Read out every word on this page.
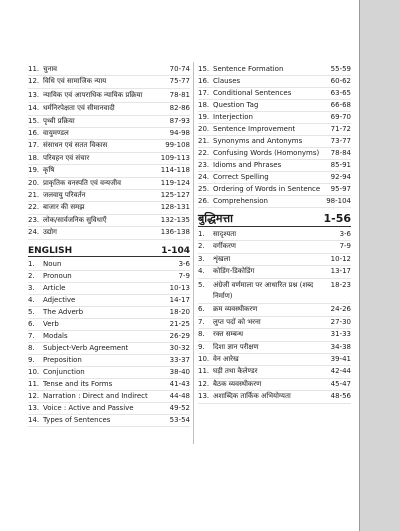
11. चुनाव	70-74
12. विधि एवं सामाजिक न्याय	75-77
13. न्यायिक एवं आपराधिक न्यायिक प्रक्रिया	78-81
14. धर्मनिरपेक्षता एवं सीमानवादी	82-86
15. पृथ्वी प्रक्रिया	87-93
16. वायुमण्डल	94-98
17. संसाधन एवं सतत विकास	99-108
18. परिवहन एवं संचार	109-113
19. कृषि	114-118
20. प्राकृतिक वनस्पति एवं वन्यजीव	119-124
21. जलवायु परिवर्तन	125-127
22. बाजार की समझ	128-131
23. लोक/सार्वजनिक सुविधाएँ	132-135
24. उद्योग	136-138
ENGLISH	1-104
1.	Noun	3-6
2.	Pronoun	7-9
3.	Article	10-13
4.	Adjective	14-17
5.	The Adverb	18-20
6.	Verb	21-25
7.	Modals	26-29
8.	Subject-Verb Agreement	30-32
9.	Preposition	33-37
10. Conjunction	38-40
11. Tense and its Forms	41-43
12. Narration : Direct and Indirect	44-48
13. Voice : Active and Passive	49-52
14. Types of Sentences	53-54
15. Sentence Formation	55-59
16. Clauses	60-62
17. Conditional Sentences	63-65
18. Question Tag	66-68
19. Interjection	69-70
20. Sentence Improvement	71-72
21. Synonyms and Antonyms	73-77
22. Confusing Words (Homonyms)	78-84
23. Idioms and Phrases	85-91
24. Correct Spelling	92-94
25. Ordering of Words in Sentence	95-97
26. Comprehension	98-104
बुद्धिमत्ता	1-56
1.	सादृश्यता	3-6
2.	वर्गीकरण	7-9
3.	शृंखला	10-12
4.	कोडिंग-डिकोडिंग	13-17
5.	अंग्रेजी वर्णमाला पर आधारित प्रश्न (शब्द निर्माण)
18-23
6.	क्रम व्यवस्थीकरण	24-26
7.	लुप्त पदों को भरना	27-30
8.	रक्त सम्बन्ध	31-33
9.	दिशा ज्ञान परीक्षण	34-38
10. वेन आरेख	39-41
11. घड़ी तथा कैलेण्डर	42-44
12. बैठक व्यवस्थीकरण	45-47
13. अशाब्दिक तार्किक अभियोग्यता	48-56
